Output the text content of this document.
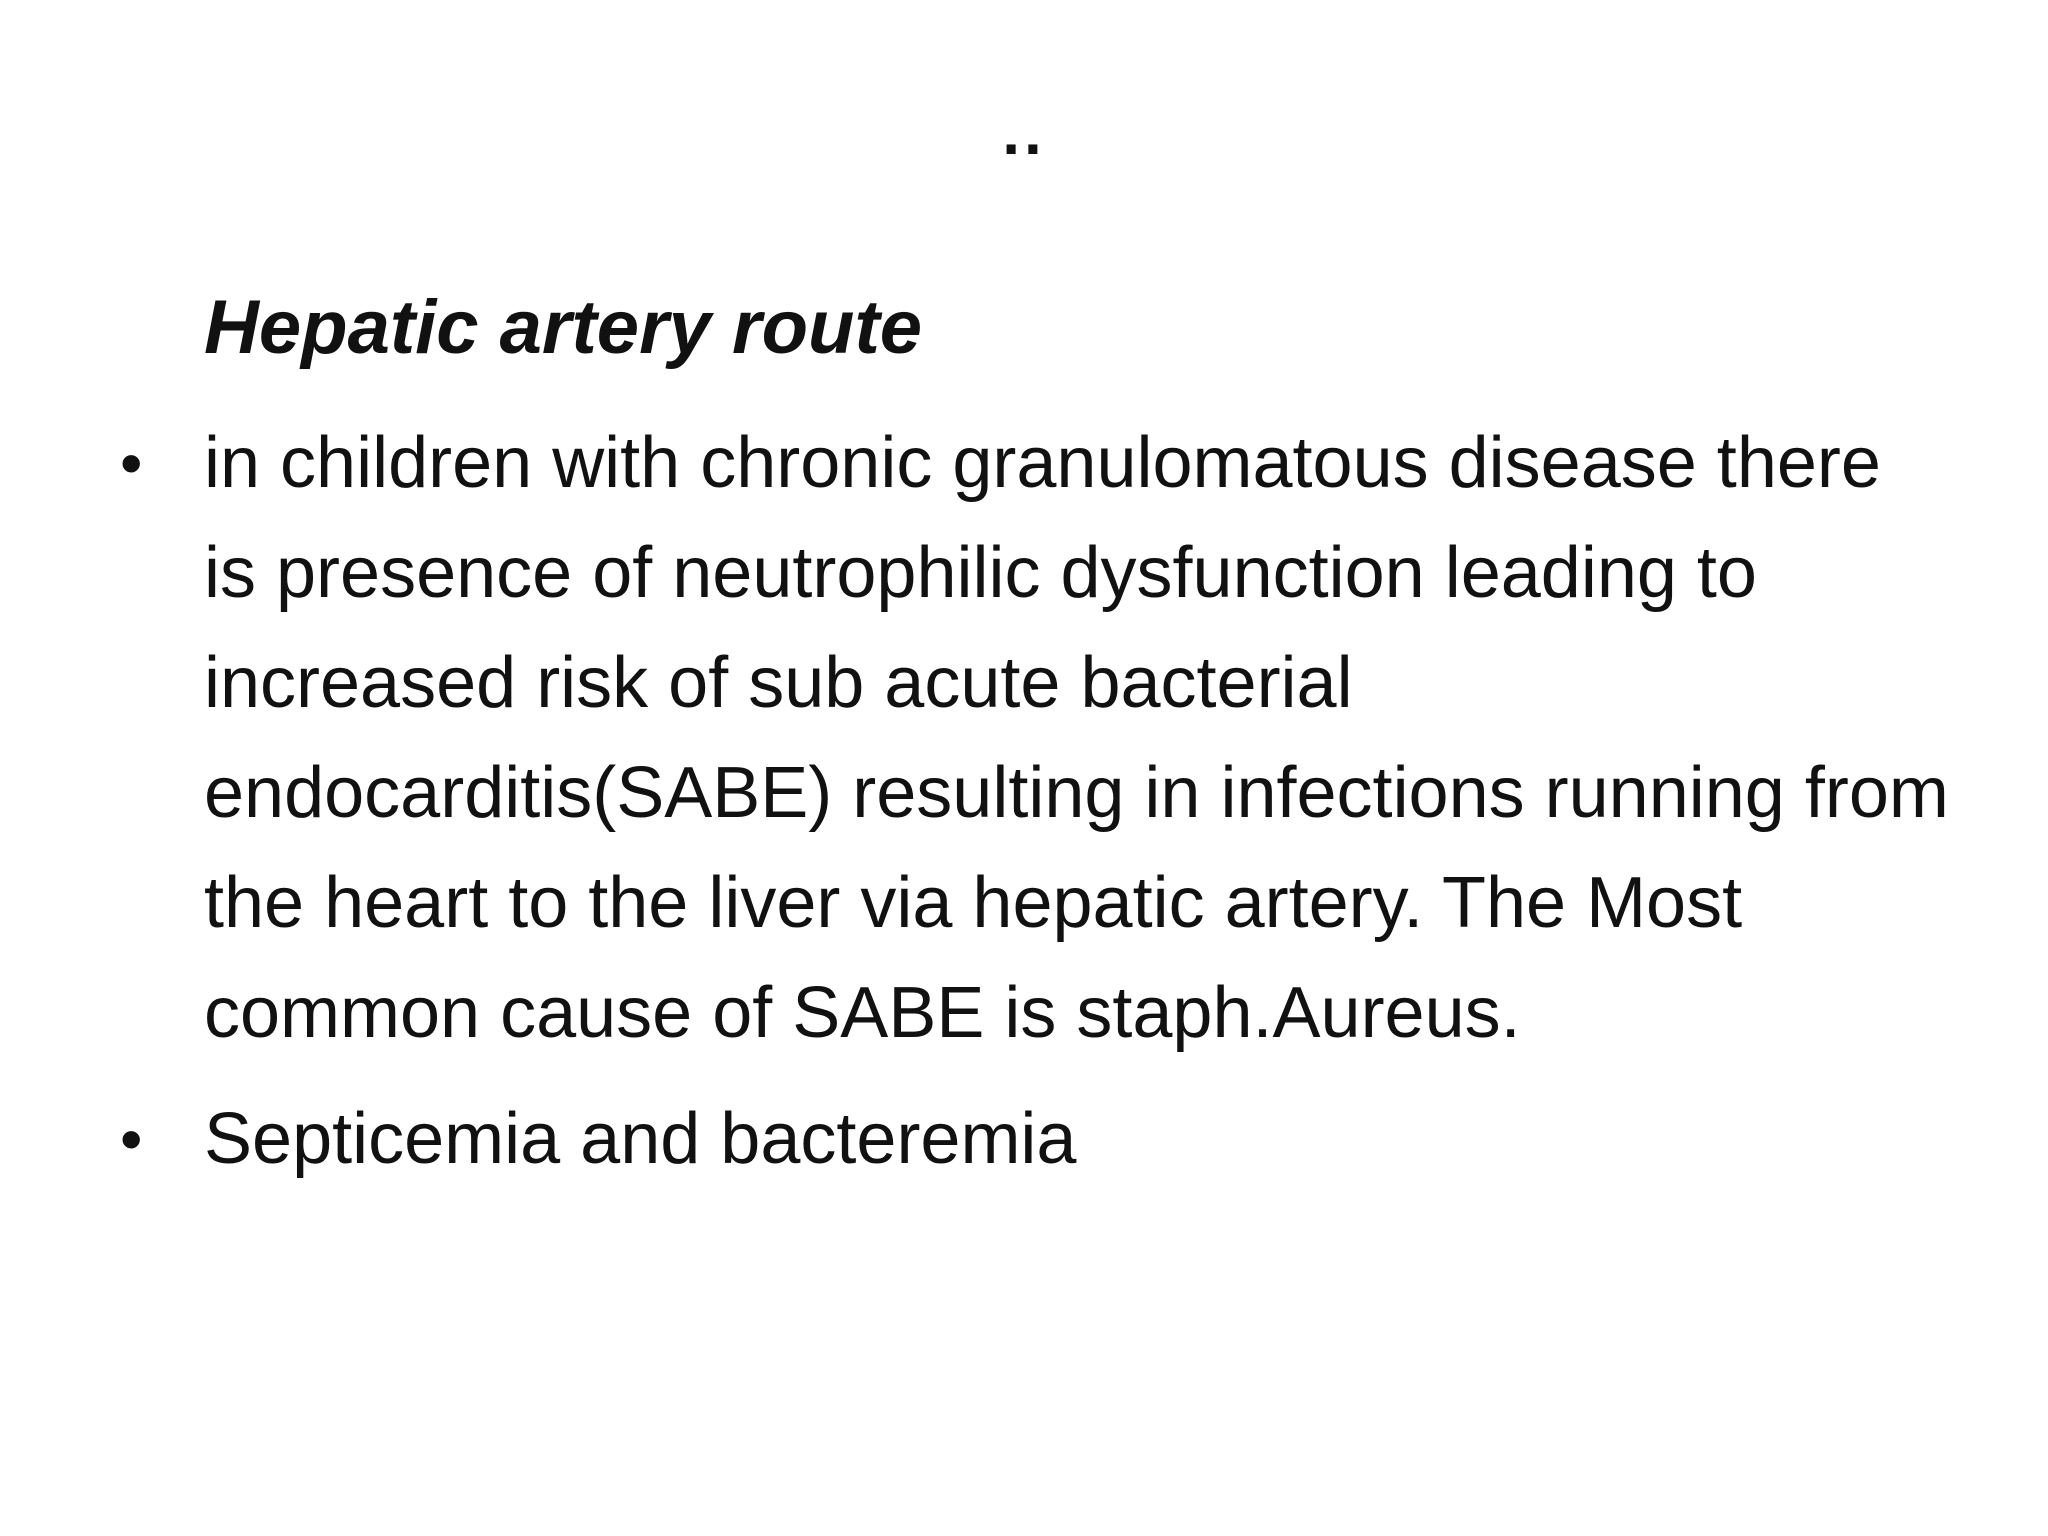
..
Hepatic artery route
• in children with chronic granulomatous disease there is presence of neutrophilic dysfunction leading to increased risk of sub acute bacterial endocarditis(SABE) resulting in infections running from the heart to the liver via hepatic artery. The Most common cause of SABE is staph.Aureus.
• Septicemia and bacteremia
